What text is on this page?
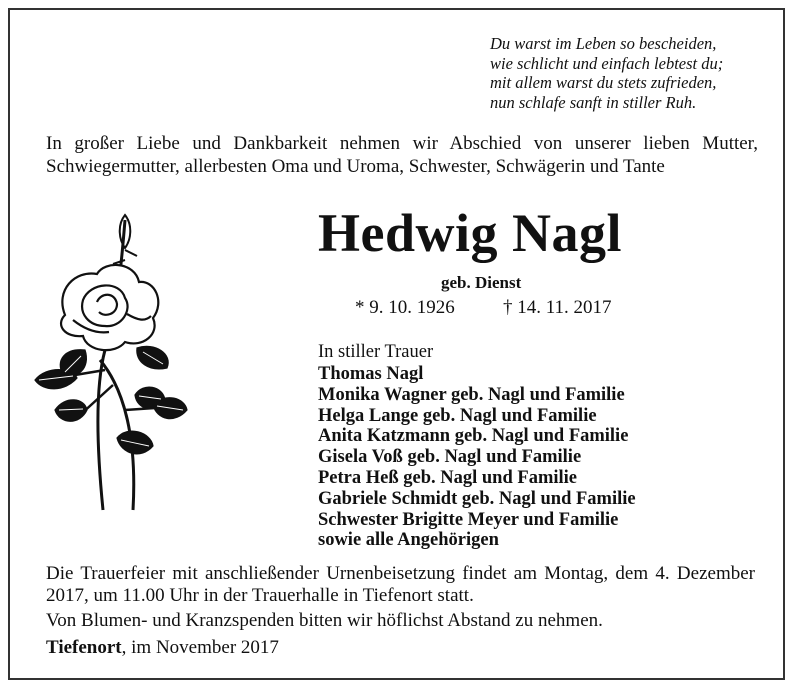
Du warst im Leben so bescheiden,
wie schlicht und einfach lebtest du;
mit allem warst du stets zufrieden,
nun schlafe sanft in stiller Ruh.
In großer Liebe und Dankbarkeit nehmen wir Abschied von unserer lieben Mutter, Schwiegermutter, allerbesten Oma und Uroma, Schwester, Schwägerin und Tante
Hedwig Nagl
geb. Dienst
* 9. 10. 1926	† 14. 11. 2017
In stiller Trauer
Thomas Nagl
Monika Wagner geb. Nagl und Familie
Helga Lange geb. Nagl und Familie
Anita Katzmann geb. Nagl und Familie
Gisela Voß geb. Nagl und Familie
Petra Heß geb. Nagl und Familie
Gabriele Schmidt geb. Nagl und Familie
Schwester Brigitte Meyer und Familie
sowie alle Angehörigen
Die Trauerfeier mit anschließender Urnenbeisetzung findet am Montag, dem 4. Dezember 2017, um 11.00 Uhr in der Trauerhalle in Tiefenort statt.
Von Blumen- und Kranzspenden bitten wir höflichst Abstand zu nehmen.
Tiefenort, im November 2017
